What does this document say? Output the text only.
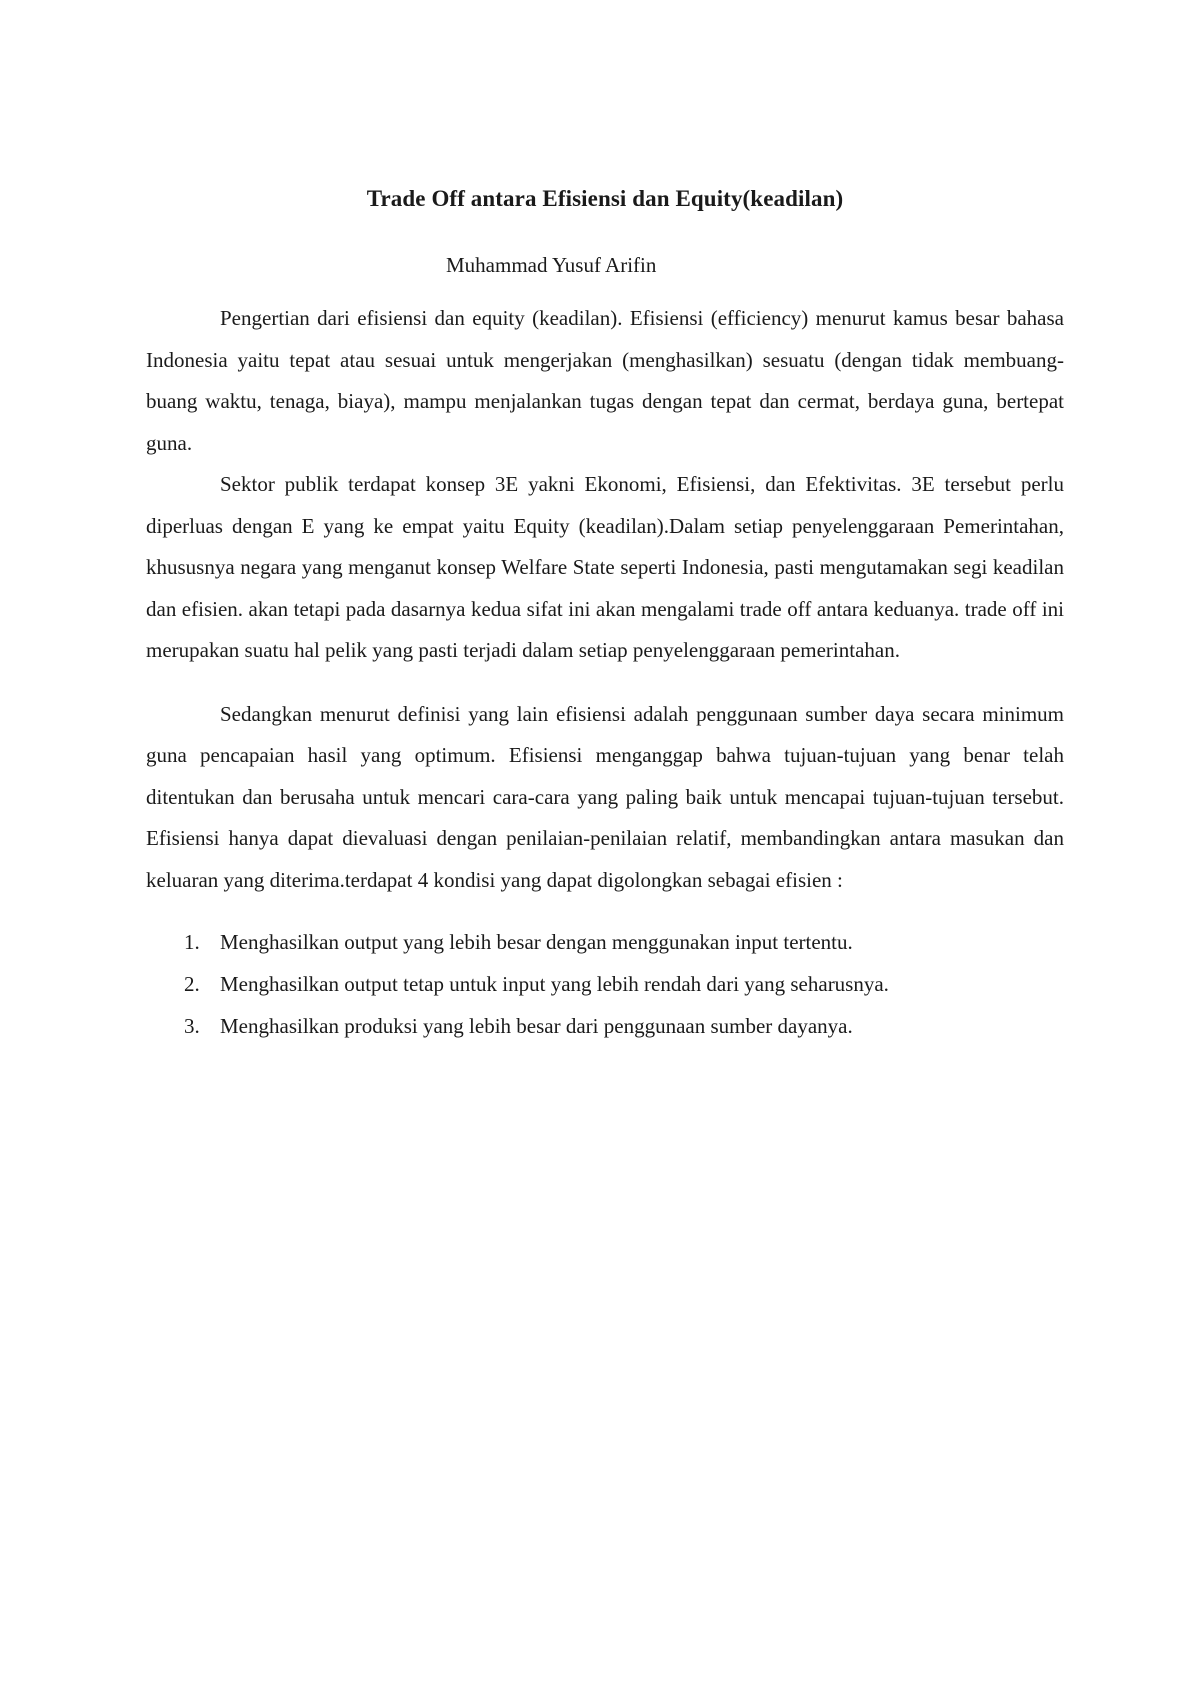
Trade Off antara Efisiensi dan Equity(keadilan)
Muhammad Yusuf Arifin

Pengertian dari efisiensi dan equity (keadilan). Efisiensi (efficiency) menurut kamus besar bahasa Indonesia yaitu tepat atau sesuai untuk mengerjakan (menghasilkan) sesuatu (dengan tidak membuang-buang waktu, tenaga, biaya), mampu menjalankan tugas dengan tepat dan cermat, berdaya guna, bertepat guna.

Sektor publik terdapat konsep 3E yakni Ekonomi, Efisiensi, dan Efektivitas. 3E tersebut perlu diperluas dengan E yang ke empat yaitu Equity (keadilan).Dalam setiap penyelenggaraan Pemerintahan, khususnya negara yang menganut konsep Welfare State seperti Indonesia, pasti mengutamakan segi keadilan dan efisien. akan tetapi pada dasarnya kedua sifat ini akan mengalami trade off antara keduanya. trade off ini merupakan suatu hal pelik yang pasti terjadi dalam setiap penyelenggaraan pemerintahan.

Sedangkan menurut definisi yang lain efisiensi adalah penggunaan sumber daya secara minimum guna pencapaian hasil yang optimum. Efisiensi menganggap bahwa tujuan-tujuan yang benar telah ditentukan dan berusaha untuk mencari cara-cara yang paling baik untuk mencapai tujuan-tujuan tersebut. Efisiensi hanya dapat dievaluasi dengan penilaian-penilaian relatif, membandingkan antara masukan dan keluaran yang diterima.terdapat 4 kondisi yang dapat digolongkan sebagai efisien :

1. Menghasilkan output yang lebih besar dengan menggunakan input tertentu.
2. Menghasilkan output tetap untuk input yang lebih rendah dari yang seharusnya.
3. Menghasilkan produksi yang lebih besar dari penggunaan sumber dayanya.
